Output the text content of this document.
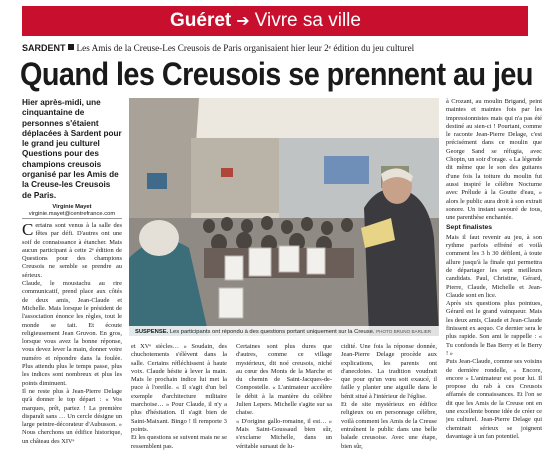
Guéret ➔ Vivre sa ville
SARDENT Les Amis de la Creuse-Les Creusois de Paris organisaient hier leur 2ᵉ édition du jeu culturel
Quand les Creusois se prennent au jeu

Hier après-midi, une cinquantaine de personnes s'étaient déplacées à Sardent pour le grand jeu culturel Questions pour des champions creusois organisé par les Amis de la Creuse-les Creusois de Paris.

Virginie Mayet
virginie.mayet@centrefrance.com
SUSPENSE. Les participants ont répondu à des questions portant uniquement sur la Creuse. PHOTO BRUNO BARLIER

Certains sont venus à la salle des fêtes par défi. D'autres ont une soif de connaissance à étancher. Mais aucun participant à cette 2ᵉ édition de Questions pour des champions Creusois ne semble se prendre au sérieux.

Claude, le moustachu au rire communicatif, prend place aux côtés de deux amis, Jean-Claude et Michelle. Mais lorsque le président de l'association énonce les règles, tout le monde se tait. Et écoute religieusement Jean Gruvon. En gros, lorsque vous avez la bonne réponse, vous devez lever la main, donner votre numéro et répondre dans la foulée. Plus attendu plus le temps passe, plus les indices sont nombreux et plus les points diminuent.

Il ne reste plus à Jean-Pierre Delage qu'à donner le top départ : « Vos marques, prêt, partez ! La première disparaît sans … Un cercle désigne un large peintre-décorateur d'Aubusson. » Nous cherchons un édifice historique, un château des XIVᵉ

et XVᵉ siècles… » Soudain, des chuchotements s'élèvent dans la salle. Certains réfléchissent à haute voix. Claude hésite à lever la main. Mais le prochain indice lui met la puce à l'oreille. « Il s'agit d'un bel exemple d'architecture militaire marchoise… » Pour Claude, il n'y a plus d'hésitation. Il s'agit bien de Saint-Maixant. Bingo ! Il remporte 3 points.

Et les questions se suivent mais ne se ressemblent pas.

Certaines sont plus dures que d'autres, comme ce village mystérieux, dit noé creusois, niché au cœur des Monts de la Marche et du chemin de Saint-Jacques-de-Compostelle. « L'animateur accélère le débit à la manière du célèbre Julien Lepers. Michelle s'agite sur sa chaise.

« D'origine gallo-romaine, il est… » Mais Saint-Goussaud bien sûr, s'exclame Michelle, dans un véritable sursaut de lu-

cidité. Une fois la réponse donnée, Jean-Pierre Delage procède aux explications, les parents ont d'anecdotes. La tradition voudrait que pour qu'un vœu soit exaucé, il faille y planter une aiguille dans le bénit situé à l'intérieur de l'église.

Et de site mystérieux en édifice religieux ou en personnage célèbre, voilà comment les Amis de la Creuse entraînent le public dans une belle balade creusoise. Avec une étape, bien sûr,

à Crozant, au moulin Brigand, peint maintes et maintes fois par les impressionnistes mais qui n'a pas été destiné au sien-ci ! Pourtant, comme le raconte Jean-Pierre Delage, c'est précisément dans ce moulin que George Sand se réfugia, avec Chopin, un soir d'orage. « La légende dit même que le son des guitares d'une fois la toiture du moulin fut aussi inspiré le célèbre Nocturne avec Prélude à la Goutte d'eau, » alors le public aura droit à son extrait sonore. Un instant savouré de tous, une parenthèse enchantée.

Sept finalistes

Mais il faut revenir au jeu, à son rythme parfois effréné et voilà comment les 3 h 30 défilent, à toute allure jusqu'à la finale qui permettra de départager les sept meilleurs candidats. Paul, Christine, Gérard, Pierre, Claude, Michelle et Jean-Claude sont en lice.

Après six questions plus pointues, Gérard est le grand vainqueur. Mais les deux amis, Claude et Jean-Claude finissent ex aequo. Ce dernier sera le plus rapide. Son ami le rappelle : « Tu confonds le Bas Berry et le Berry ! »

Puis Jean-Claude, comme ses voisins de dernière rondelle, « Encore, encore » L'animateur est pour lui. Il propose du rab à ces Creusois affamés de connaissances. Et l'on se dit que les Amis de la Creuse ont en une excellente bonne idée de créer ce jeu culturel. Jean-Pierre Delage qui cheminait sérieux se joignent davantage à un fan potentiel.
